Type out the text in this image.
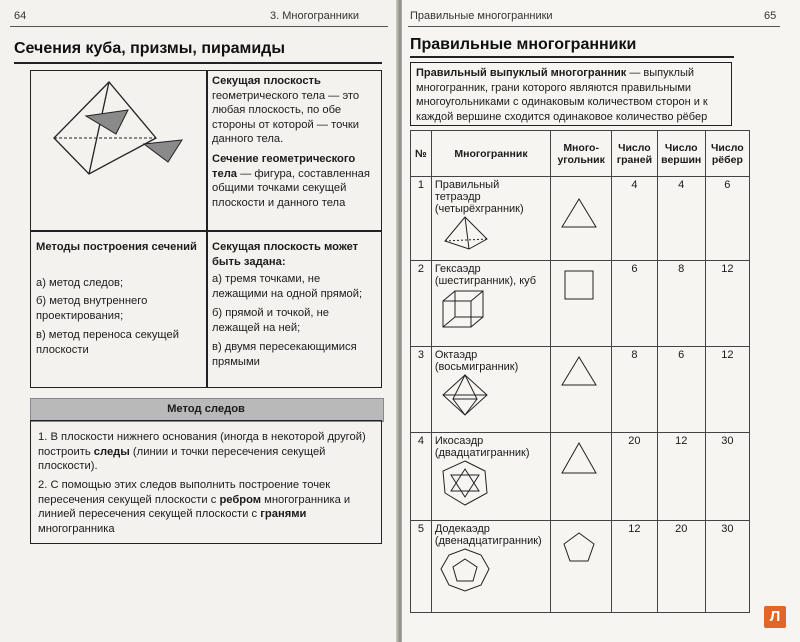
64	3. Многогранники
Сечения куба, призмы, пирамиды
Секущая плоскость геометрического тела — это любая плоскость, по обе стороны от которой — точки данного тела.
Сечение геометрического тела — фигура, составленная общими точками секущей плоскости и данного тела
Методы построения сечений
а) метод следов;
б) метод внутреннего проектирования;
в) метод переноса секущей плоскости
Секущая плоскость может быть задана:
а) тремя точками, не лежащими на одной прямой;
б) прямой и точкой, не лежащей на ней;
в) двумя пересекающимися прямыми
Метод следов
1. В плоскости нижнего основания (иногда в некоторой другой) построить следы (линии и точки пересечения секущей плоскости).
2. С помощью этих следов выполнить построение точек пересечения секущей плоскости с ребром многогранника и линией пересечения секущей плоскости с гранями многогранника
Правильные многогранники	65
Правильные многогранники
Правильный выпуклый многогранник — выпуклый многогранник, грани которого являются правильными многоугольниками с одинаковым количеством сторон и к каждой вершине сходится одинаковое количество рёбер
№	Многогранник	Много-угольник	Число граней	Число вершин	Число рёбер
1	Правильный тетраэдр (четырёхгранник)		4	4	6
2	Гексаэдр (шестигранник), куб		6	8	12
3	Октаэдр (восьмигранник)		8	6	12
4	Икосаэдр (двадцатигранник)		20	12	30
5	Додекаэдр (двенадцатигранник)		12	20	30
Л
